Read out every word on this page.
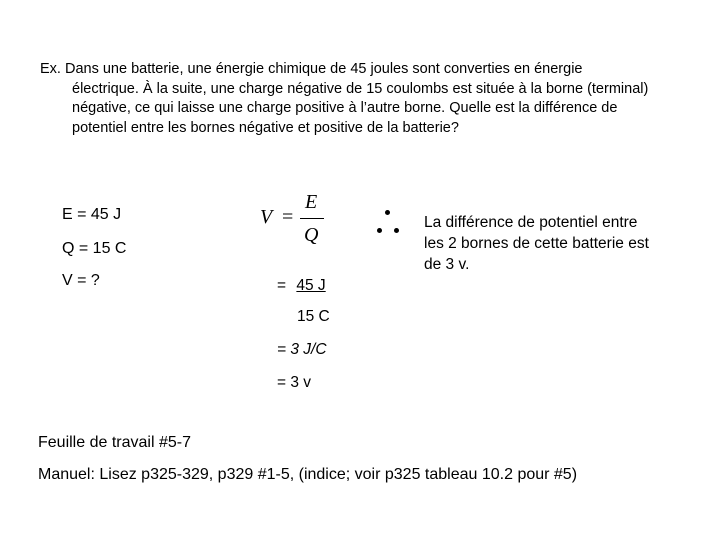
Ex. Dans une batterie, une énergie chimique de 45 joules sont converties en énergie
électrique. À la suite, une charge négative de 15 coulombs est située à la borne (terminal)
négative, ce qui laisse une charge positive à l’autre borne. Quelle est la différence de
potentiel entre les bornes négative et positive de la batterie?
E = 45 J
Q = 15 C
V = ?
V =
E
Q
La différence de potentiel entre
les 2 bornes de cette batterie est
de 3 v.
= 45 J
15 C
= 3 J/C
= 3 v
Feuille de travail #5-7
Manuel: Lisez p325-329, p329 #1-5, (indice; voir p325 tableau 10.2 pour #5)
